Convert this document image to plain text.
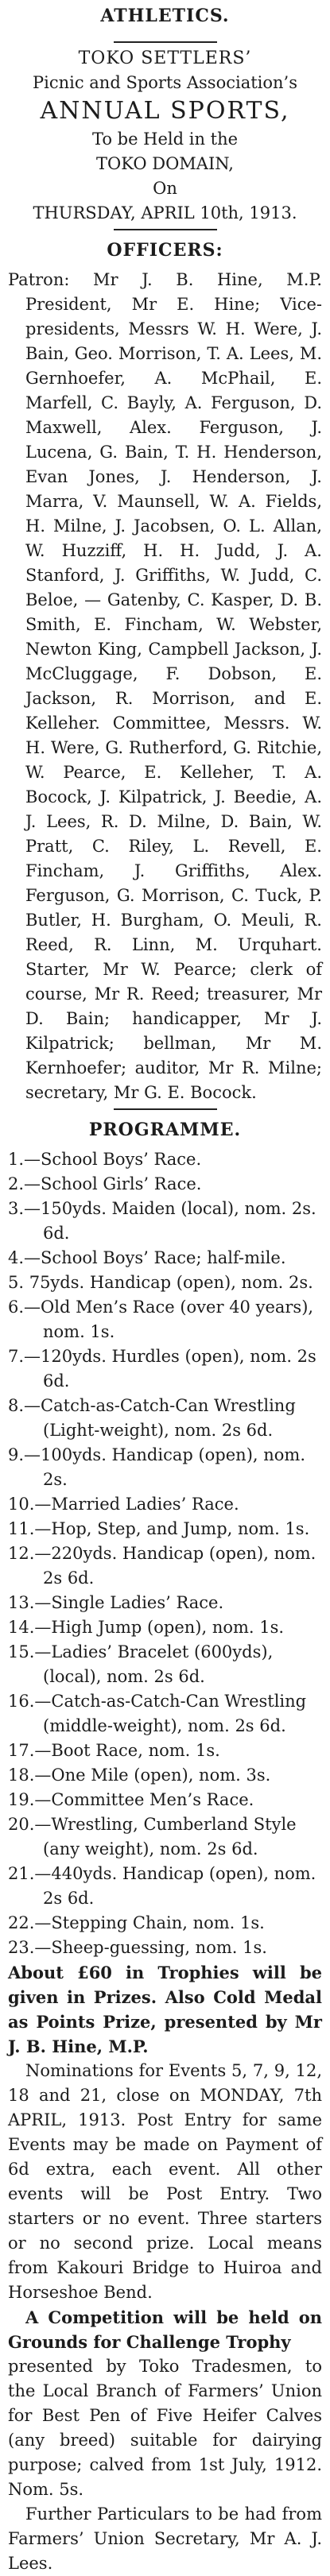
ATHLETICS.
TOKO SETTLERS’
Picnic and Sports Association’s
ANNUAL SPORTS,
To be Held in the
TOKO DOMAIN,
On
THURSDAY, APRIL 10th, 1913.
OFFICERS:
Patron: Mr J. B. Hine, M.P. President, Mr E. Hine; Vice-presidents, Messrs W. H. Were, J. Bain, Geo. Morrison, T. A. Lees, M. Gernhoefer, A. McPhail, E. Marfell, C. Bayly, A. Ferguson, D. Maxwell, Alex. Ferguson, J. Lucena, G. Bain, T. H. Henderson, Evan Jones, J. Henderson, J. Marra, V. Maunsell, W. A. Fields, H. Milne, J. Jacobsen, O. L. Allan, W. Huzziff, H. H. Judd, J. A. Stanford, J. Griffiths, W. Judd, C. Beloe, — Gatenby, C. Kasper, D. B. Smith, E. Fincham, W. Webster, Newton King, Campbell Jackson, J. McCluggage, F. Dobson, E. Jackson, R. Morrison, and E. Kelleher. Committee, Messrs. W. H. Were, G. Rutherford, G. Ritchie, W. Pearce, E. Kelleher, T. A. Bocock, J. Kilpatrick, J. Beedie, A. J. Lees, R. D. Milne, D. Bain, W. Pratt, C. Riley, L. Revell, E. Fincham, J. Griffiths, Alex. Ferguson, G. Morrison, C. Tuck, P. Butler, H. Burgham, O. Meuli, R. Reed, R. Linn, M. Urquhart. Starter, Mr W. Pearce; clerk of course, Mr R. Reed; treasurer, Mr D. Bain; handicapper, Mr J. Kilpatrick; bellman, Mr M. Kernhoefer; auditor, Mr R. Milne; secretary, Mr G. E. Bocock.
PROGRAMME.
1.—School Boys’ Race.
2.—School Girls’ Race.
3.—150yds. Maiden (local), nom. 2s. 6d.
4.—School Boys’ Race; half-mile.
5. 75yds. Handicap (open), nom. 2s.
6.—Old Men’s Race (over 40 years), nom. 1s.
7.—120yds. Hurdles (open), nom. 2s 6d.
8.—Catch-as-Catch-Can Wrestling (Light-weight), nom. 2s 6d.
9.—100yds. Handicap (open), nom. 2s.
10.—Married Ladies’ Race.
11.—Hop, Step, and Jump, nom. 1s.
12.—220yds. Handicap (open), nom. 2s 6d.
13.—Single Ladies’ Race.
14.—High Jump (open), nom. 1s.
15.—Ladies’ Bracelet (600yds), (local), nom. 2s 6d.
16.—Catch-as-Catch-Can Wrestling (middle-weight), nom. 2s 6d.
17.—Boot Race, nom. 1s.
18.—One Mile (open), nom. 3s.
19.—Committee Men’s Race.
20.—Wrestling, Cumberland Style (any weight), nom. 2s 6d.
21.—440yds. Handicap (open), nom. 2s 6d.
22.—Stepping Chain, nom. 1s.
23.—Sheep-guessing, nom. 1s.
About £60 in Trophies will be given in Prizes. Also Cold Medal as Points Prize, presented by Mr J. B. Hine, M.P.
Nominations for Events 5, 7, 9, 12, 18 and 21, close on MONDAY, 7th APRIL, 1913. Post Entry for same Events may be made on Payment of 6d extra, each event. All other events will be Post Entry. Two starters or no event. Three starters or no second prize. Local means from Kakouri Bridge to Huiroa and Horseshoe Bend.
A Competition will be held on Grounds for Challenge Trophy
presented by Toko Tradesmen, to the Local Branch of Farmers’ Union for Best Pen of Five Heifer Calves (any breed) suitable for dairying purpose; calved from 1st July, 1912. Nom. 5s.
Further Particulars to be had from Farmers’ Union Secretary, Mr A. J. Lees.
